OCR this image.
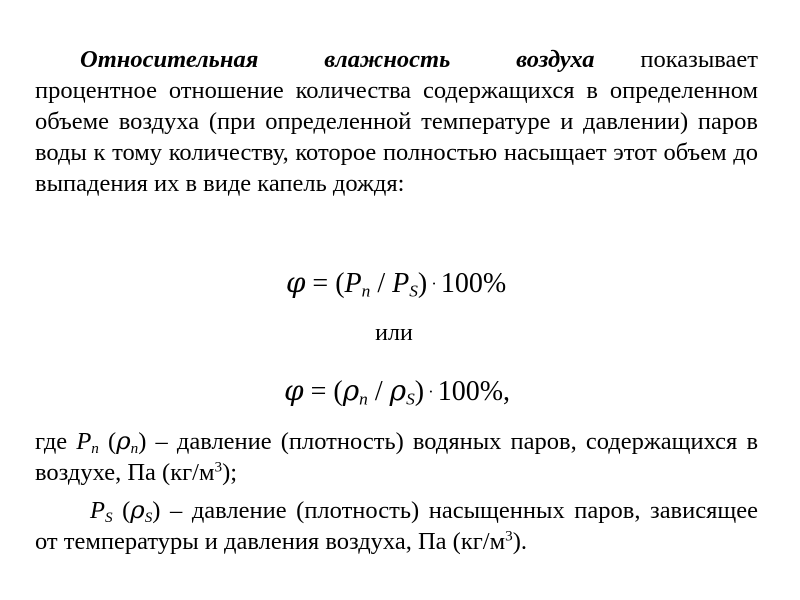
Относительная влажность воздуха показывает процентное отношение количества содержащихся в определенном объеме воздуха (при определенной температуре и давлении) паров воды к тому количеству, которое полностью насыщает этот объем до выпадения их в виде капель дождя:

$\varphi = (P_n / P_S) \cdot 100\%$
или
$\varphi = (\rho_n / \rho_S) \cdot 100\%$,

где $P_n$ $(\rho_n)$ – давление (плотность) водяных паров, содержащихся в воздухе, Па $(кг/м^3)$;

$P_S$ $(\rho_S)$ – давление (плотность) насыщенных паров, зависящее от температуры и давления воздуха, Па $(кг/м^3)$.
